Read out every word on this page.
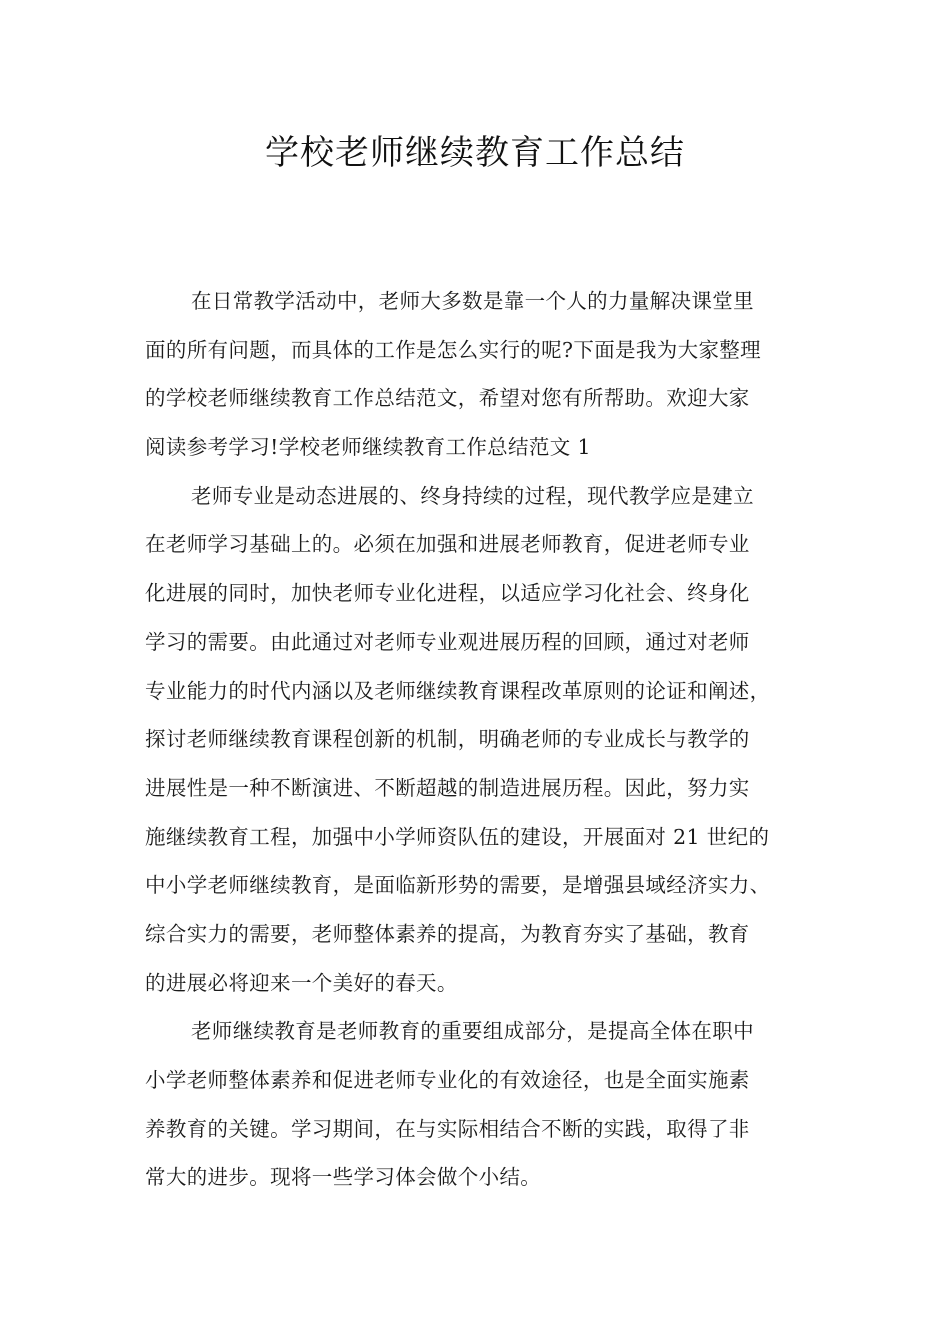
学校老师继续教育工作总结
在日常教学活动中，老师大多数是靠一个人的力量解决课堂里
面的所有问题，而具体的工作是怎么实行的呢?下面是我为大家整理
的学校老师继续教育工作总结范文，希望对您有所帮助。欢迎大家
阅读参考学习!学校老师继续教育工作总结范文 1
老师专业是动态进展的、终身持续的过程，现代教学应是建立
在老师学习基础上的。必须在加强和进展老师教育，促进老师专业
化进展的同时，加快老师专业化进程，以适应学习化社会、终身化
学习的需要。由此通过对老师专业观进展历程的回顾，通过对老师
专业能力的时代内涵以及老师继续教育课程改革原则的论证和阐述，
探讨老师继续教育课程创新的机制，明确老师的专业成长与教学的
进展性是一种不断演进、不断超越的制造进展历程。因此，努力实
施继续教育工程，加强中小学师资队伍的建设，开展面对 21 世纪的
中小学老师继续教育，是面临新形势的需要，是增强县域经济实力、
综合实力的需要，老师整体素养的提高，为教育夯实了基础，教育
的进展必将迎来一个美好的春天。
老师继续教育是老师教育的重要组成部分，是提高全体在职中
小学老师整体素养和促进老师专业化的有效途径，也是全面实施素
养教育的关键。学习期间，在与实际相结合不断的实践，取得了非
常大的进步。现将一些学习体会做个小结。
